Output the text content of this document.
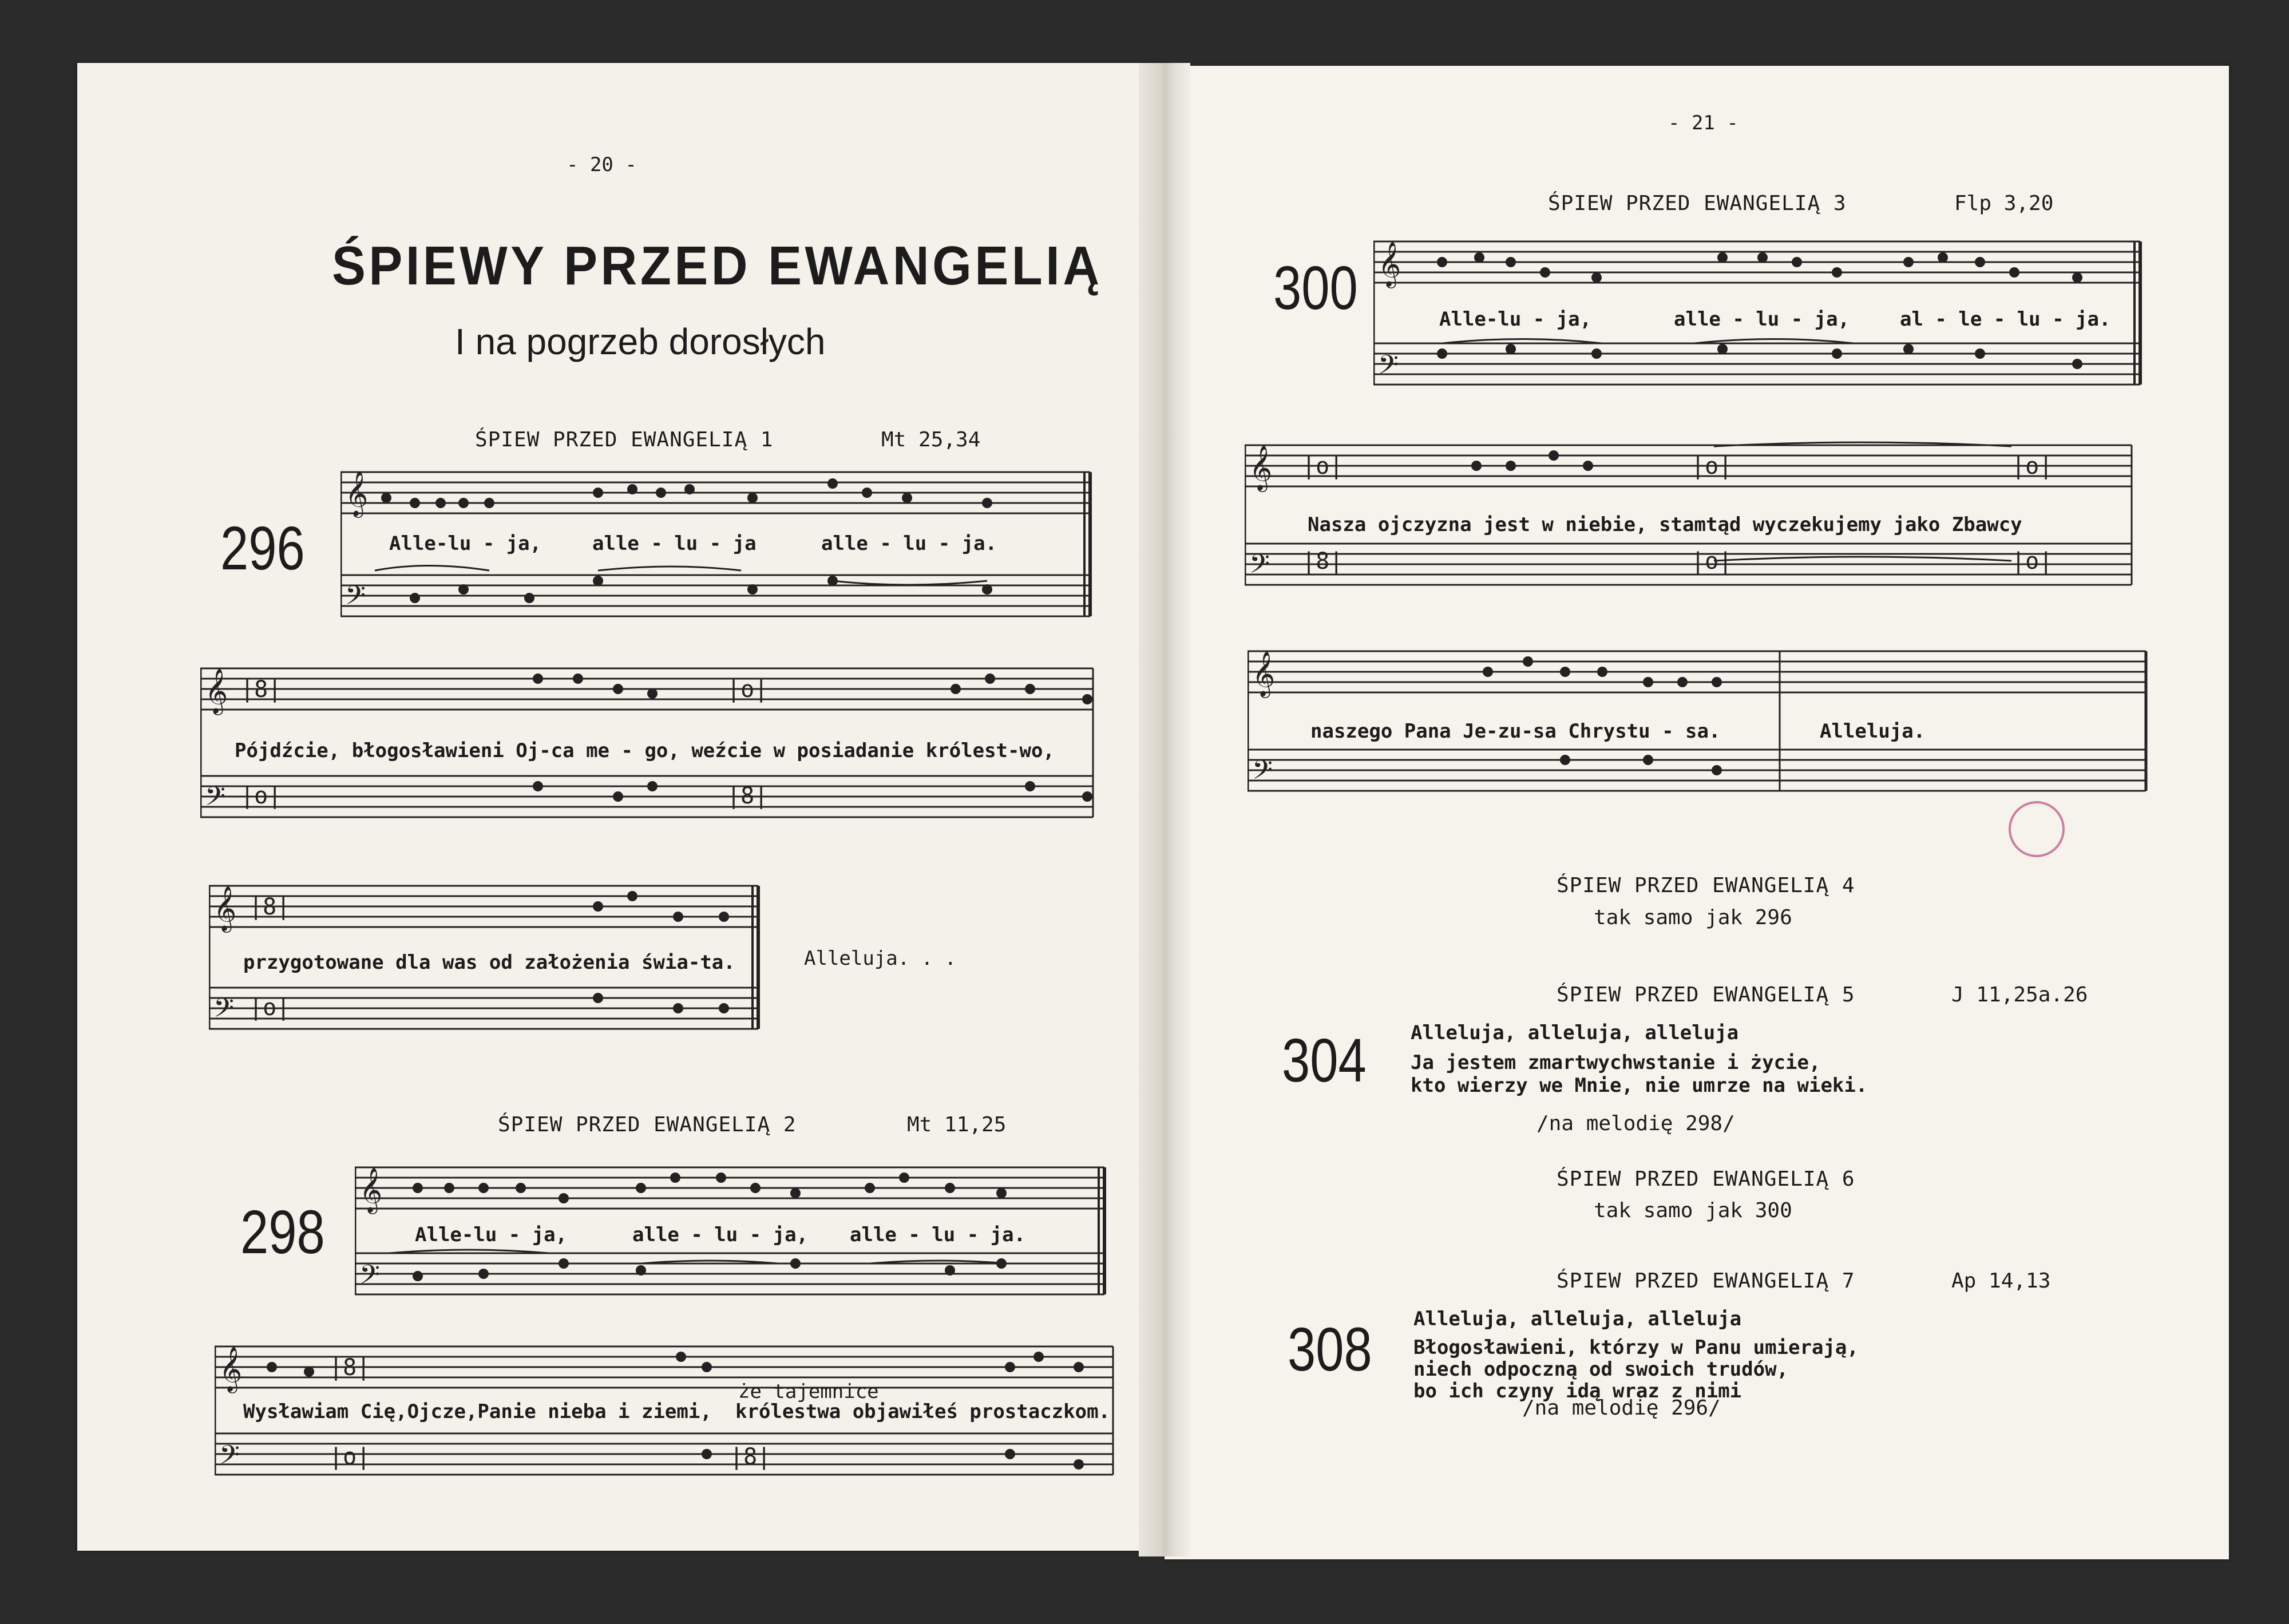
- 20 -
ŚPIEWY PRZED EWANGELIĄ
I na pogrzeb dorosłych
ŚPIEW PRZED EWANGELIĄ 1	Mt 25,34
296
𝄞
𝄢
Alle-lu - ja,	alle - lu - ja	alle - lu - ja.
|8|	|o|
|o|	|8|
𝄞
𝄢
Pójdźcie, błogosławieni Oj-ca me - go, weźcie w posiadanie królest-wo,
|8|
|o|
𝄞
𝄢
przygotowane dla was od założenia świa-ta.	Alleluja. . .
ŚPIEW PRZED EWANGELIĄ 2	Mt 11,25
298
𝄞
𝄢
Alle-lu - ja,	alle - lu - ja, alle - lu - ja.
|8|
|o|	|8|
𝄞
𝄢
że tajemnice
Wysławiam Cię,Ojcze,Panie nieba i ziemi, królestwa objawiłeś prostaczkom.
- 21 -
ŚPIEW PRZED EWANGELIĄ 3	Flp 3,20
300 𝄞
𝄢
Alle-lu - ja,	alle - lu - ja,	al - le - lu - ja.
|o|	|o|	|o|
|8|	|o|	|o|
𝄞
𝄢
Nasza ojczyzna jest w niebie, stamtąd wyczekujemy jako Zbawcy
𝄞
𝄢
naszego Pana Je-zu-sa Chrystu - sa.	Alleluja.
ŚPIEW PRZED EWANGELIĄ 4
tak samo jak 296
ŚPIEW PRZED EWANGELIĄ 5	J 11,25a.26
304 Alleluja, alleluja, alleluja
Ja jestem zmartwychwstanie i życie,
kto wierzy we Mnie, nie umrze na wieki.
/na melodię 298/
ŚPIEW PRZED EWANGELIĄ 6
tak samo jak 300
ŚPIEW PRZED EWANGELIĄ 7	Ap 14,13
308 Alleluja, alleluja, alleluja
Błogosławieni, którzy w Panu umierają,
niech odpoczną od swoich trudów,
bo ich czyny idą wraz z nimi
/na melodię 296/
